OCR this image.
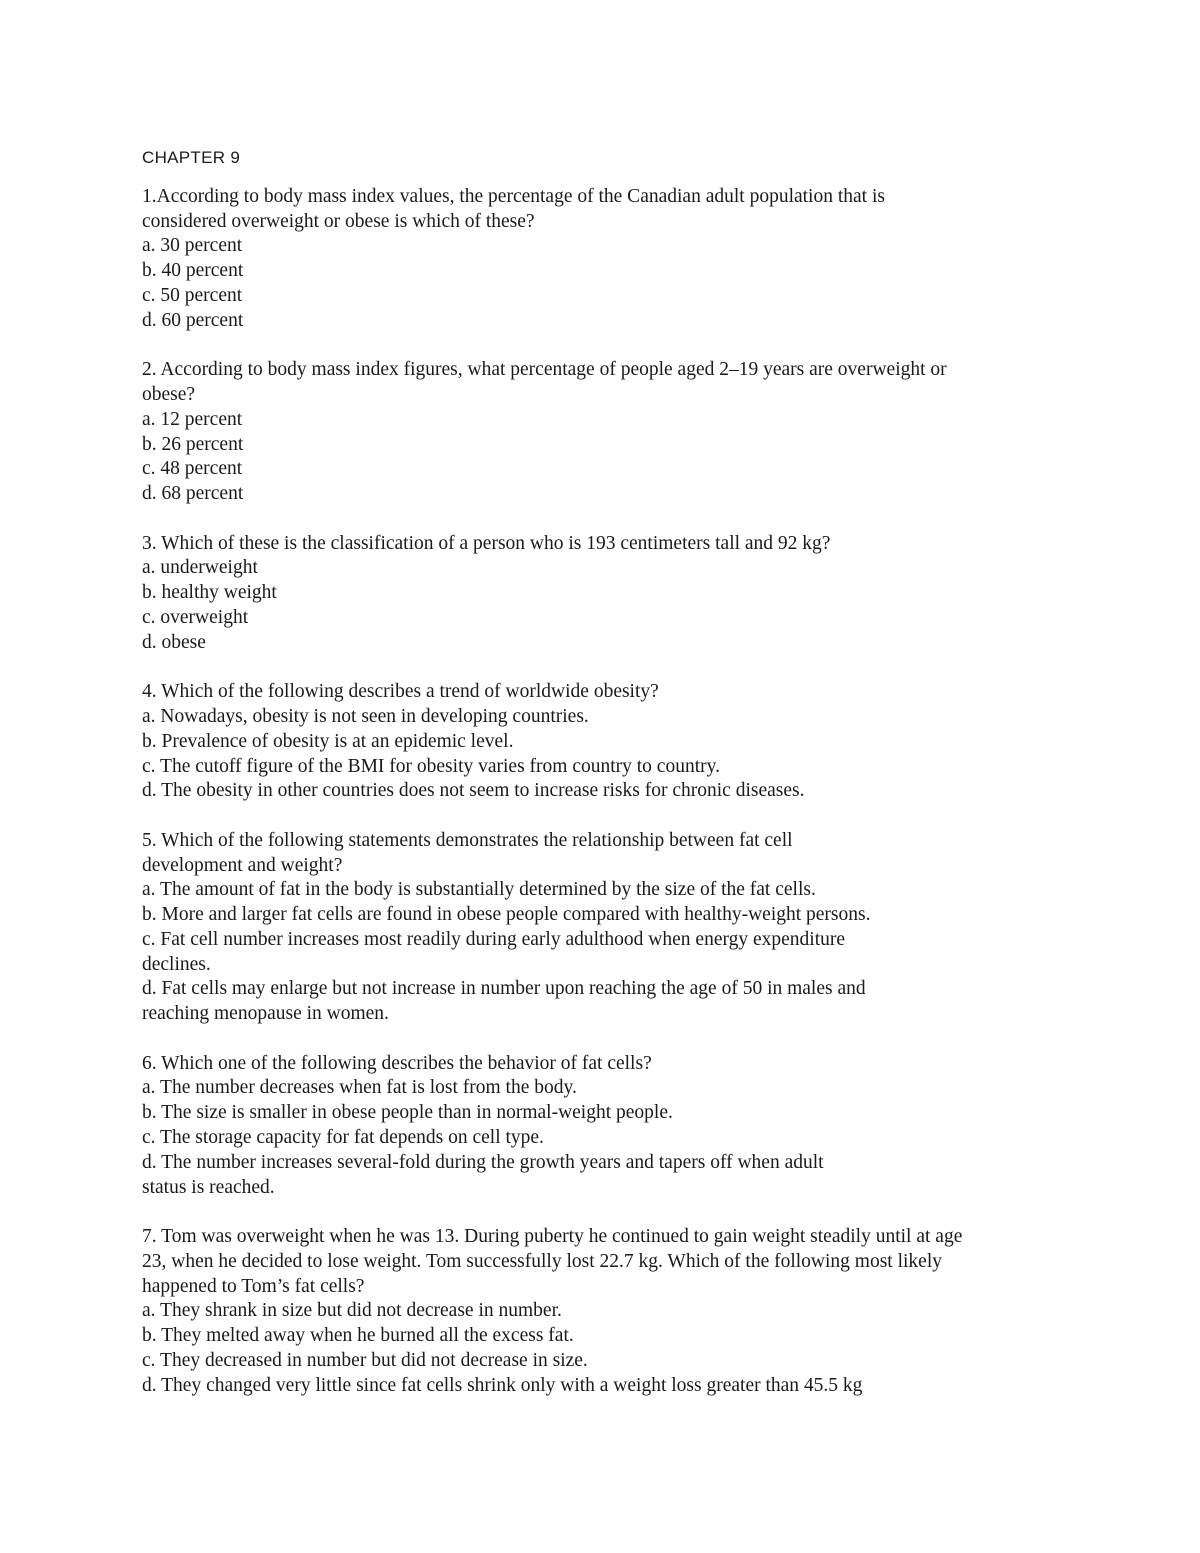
CHAPTER 9
1.According to body mass index values, the percentage of the Canadian adult population that is
considered overweight or obese is which of these?
a. 30 percent
b. 40 percent
c. 50 percent
d. 60 percent
2. According to body mass index figures, what percentage of people aged 2–19 years are overweight or
obese?
a. 12 percent
b. 26 percent
c. 48 percent
d. 68 percent
3. Which of these is the classification of a person who is 193 centimeters tall and 92 kg?
a. underweight
b. healthy weight
c. overweight
d. obese
4. Which of the following describes a trend of worldwide obesity?
a. Nowadays, obesity is not seen in developing countries.
b. Prevalence of obesity is at an epidemic level.
c. The cutoff figure of the BMI for obesity varies from country to country.
d. The obesity in other countries does not seem to increase risks for chronic diseases.
5. Which of the following statements demonstrates the relationship between fat cell
development and weight?
a. The amount of fat in the body is substantially determined by the size of the fat cells.
b. More and larger fat cells are found in obese people compared with healthy-weight persons.
c. Fat cell number increases most readily during early adulthood when energy expenditure
declines.
d. Fat cells may enlarge but not increase in number upon reaching the age of 50 in males and
reaching menopause in women.
6. Which one of the following describes the behavior of fat cells?
a. The number decreases when fat is lost from the body.
b. The size is smaller in obese people than in normal-weight people.
c. The storage capacity for fat depends on cell type.
d. The number increases several-fold during the growth years and tapers off when adult
status is reached.
7. Tom was overweight when he was 13. During puberty he continued to gain weight steadily until at age
23, when he decided to lose weight. Tom successfully lost 22.7 kg. Which of the following most likely
happened to Tom’s fat cells?
a. They shrank in size but did not decrease in number.
b. They melted away when he burned all the excess fat.
c. They decreased in number but did not decrease in size.
d. They changed very little since fat cells shrink only with a weight loss greater than 45.5 kg
